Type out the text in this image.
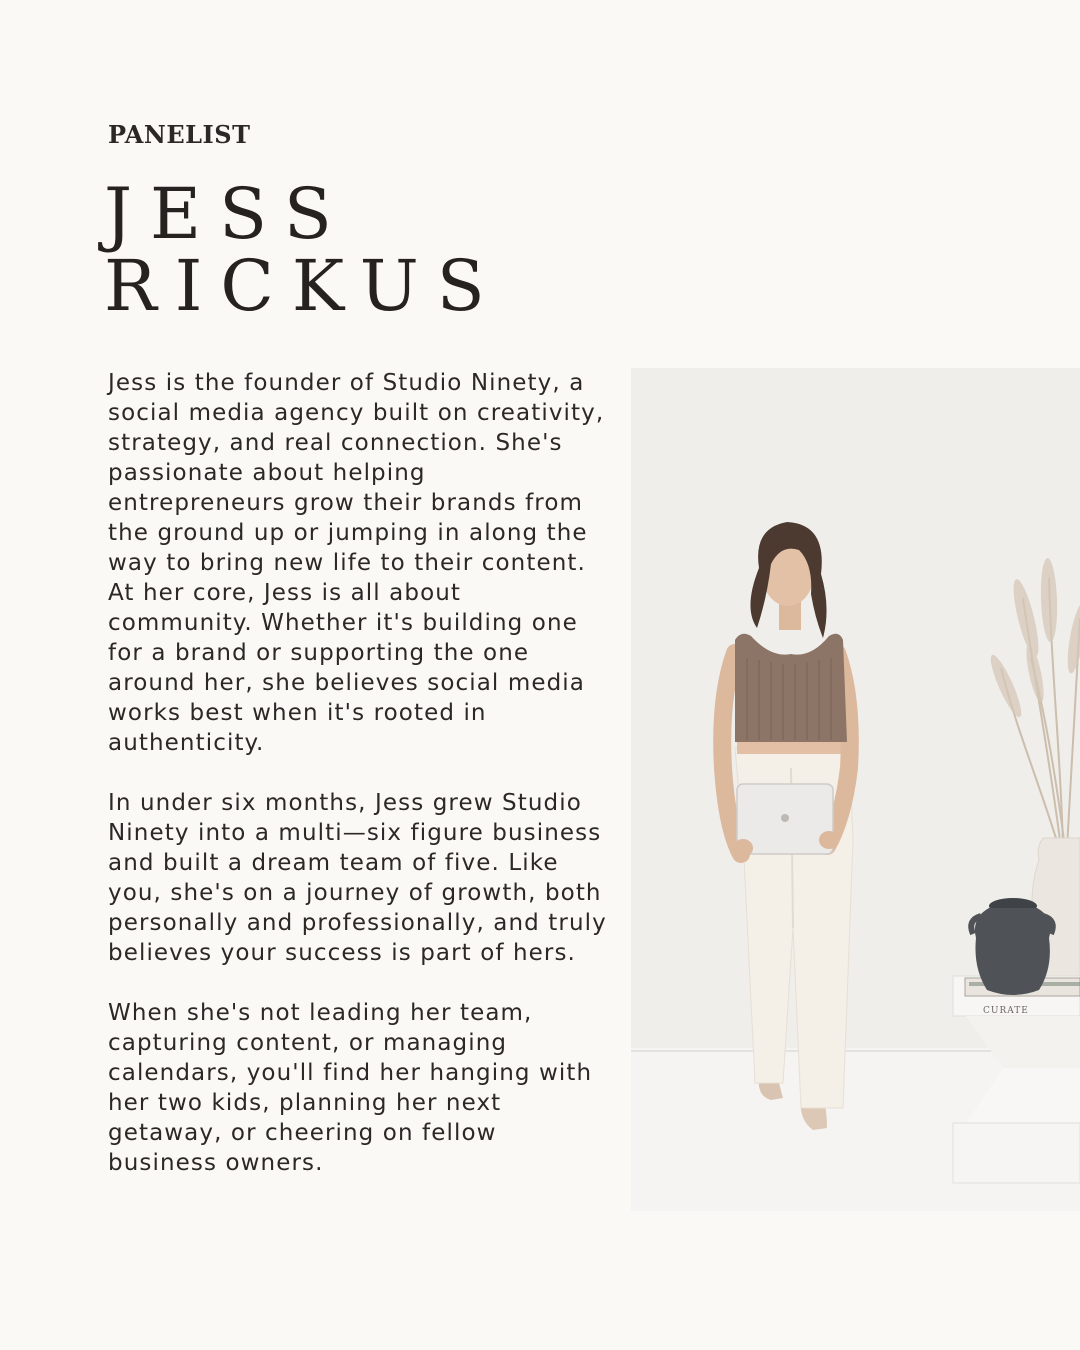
PANELIST
JESS
RICKUS

Jess is the founder of Studio Ninety, a social media agency built on creativity, strategy, and real connection. She's passionate about helping entrepreneurs grow their brands from the ground up or jumping in along the way to bring new life to their content.

At her core, Jess is all about community. Whether it's building one for a brand or supporting the one around her, she believes social media works best when it's rooted in authenticity.

In under six months, Jess grew Studio Ninety into a multi—six figure business and built a dream team of five. Like you, she's on a journey of growth, both personally and professionally, and truly believes your success is part of hers.

When she's not leading her team, capturing content, or managing calendars, you'll find her hanging with her two kids, planning her next getaway, or cheering on fellow business owners.

CURATE
